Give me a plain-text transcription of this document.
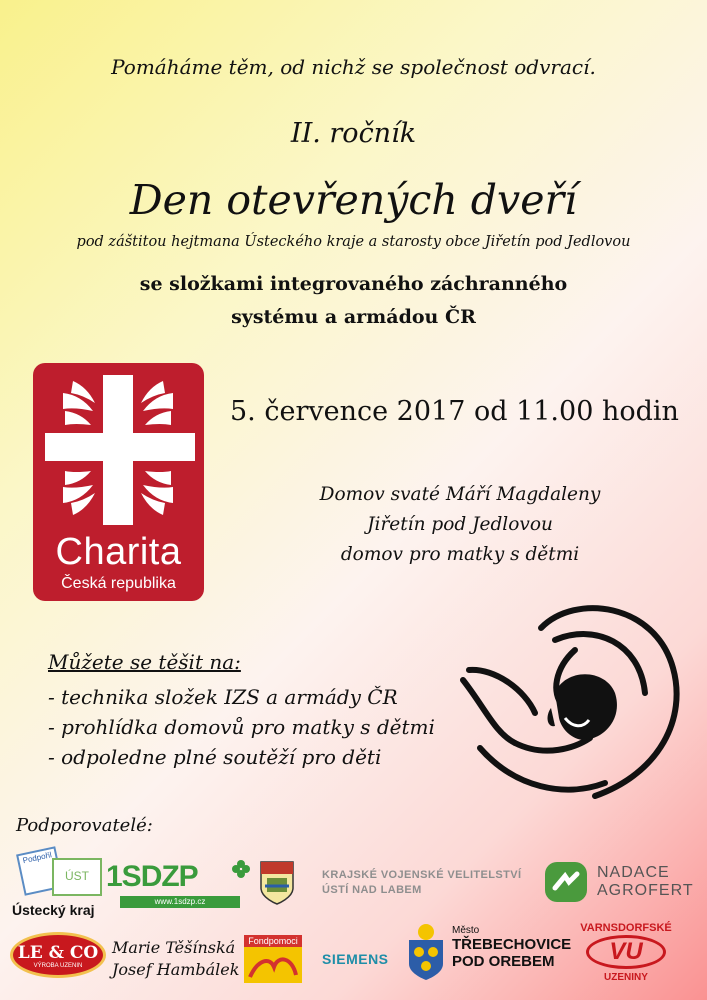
Pomáháme těm, od nichž se společnost odvrací.
II. ročník
Den otevřených dveří
pod záštitou hejtmana Ústeckého kraje a starosty obce Jiřetín pod Jedlovou
se složkami integrovaného záchranného
systému a armádou ČR
Charita
Česká republika
5. července 2017 od 11.00 hodin
Domov svaté Máří Magdaleny
Jiřetín pod Jedlovou
domov pro matky s dětmi
Můžete se těšit na:
- technika složek IZS a armády ČR
- prohlídka domovů pro matky s dětmi
- odpoledne plné soutěží pro děti
Podporovatelé:
Podpořil
ÚST
Ústecký kraj
1SDZP
www.1sdzp.cz
KRAJSKÉ VOJENSKÉ VELITELSTVÍ
ÚSTÍ NAD LABEM
NADACE
AGROFERT
LE & CO
VÝROBA UZENIN
Marie Těšínská
Josef Hambálek
Fondpomoci
SIEMENS
Město
TŘEBECHOVICE
POD OREBEM
VARNSDORFSKÉ
VU
UZENINY
